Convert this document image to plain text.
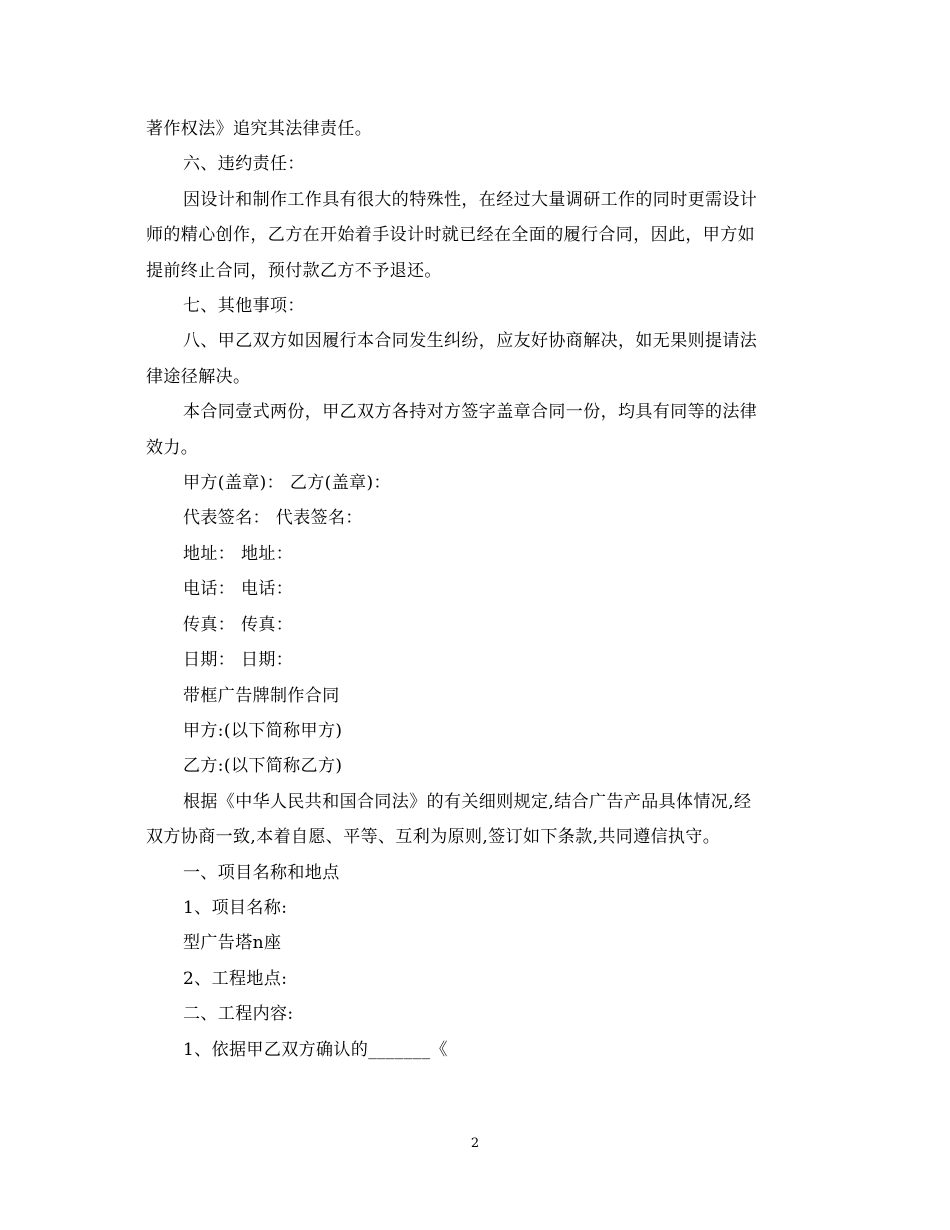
著作权法》追究其法律责任。

六、违约责任：

因设计和制作工作具有很大的特殊性，在经过大量调研工作的同时更需设计

师的精心创作，乙方在开始着手设计时就已经在全面的履行合同，因此，甲方如

提前终止合同，预付款乙方不予退还。

七、其他事项：

八、甲乙双方如因履行本合同发生纠纷，应友好协商解决，如无果则提请法

律途径解决。

本合同壹式两份，甲乙双方各持对方签字盖章合同一份，均具有同等的法律

效力。

甲方(盖章)： 乙方(盖章)：

代表签名： 代表签名：

地址： 地址：

电话： 电话：

传真： 传真：

日期： 日期：

带框广告牌制作合同

甲方:(以下简称甲方)

乙方:(以下简称乙方)

根据《中华人民共和国合同法》的有关细则规定,结合广告产品具体情况,经

双方协商一致,本着自愿、平等、互利为原则,签订如下条款,共同遵信执守。

一、项目名称和地点

1、项目名称:

型广告塔n座

2、工程地点:

二、工程内容:

1、依据甲乙双方确认的_______《

2
